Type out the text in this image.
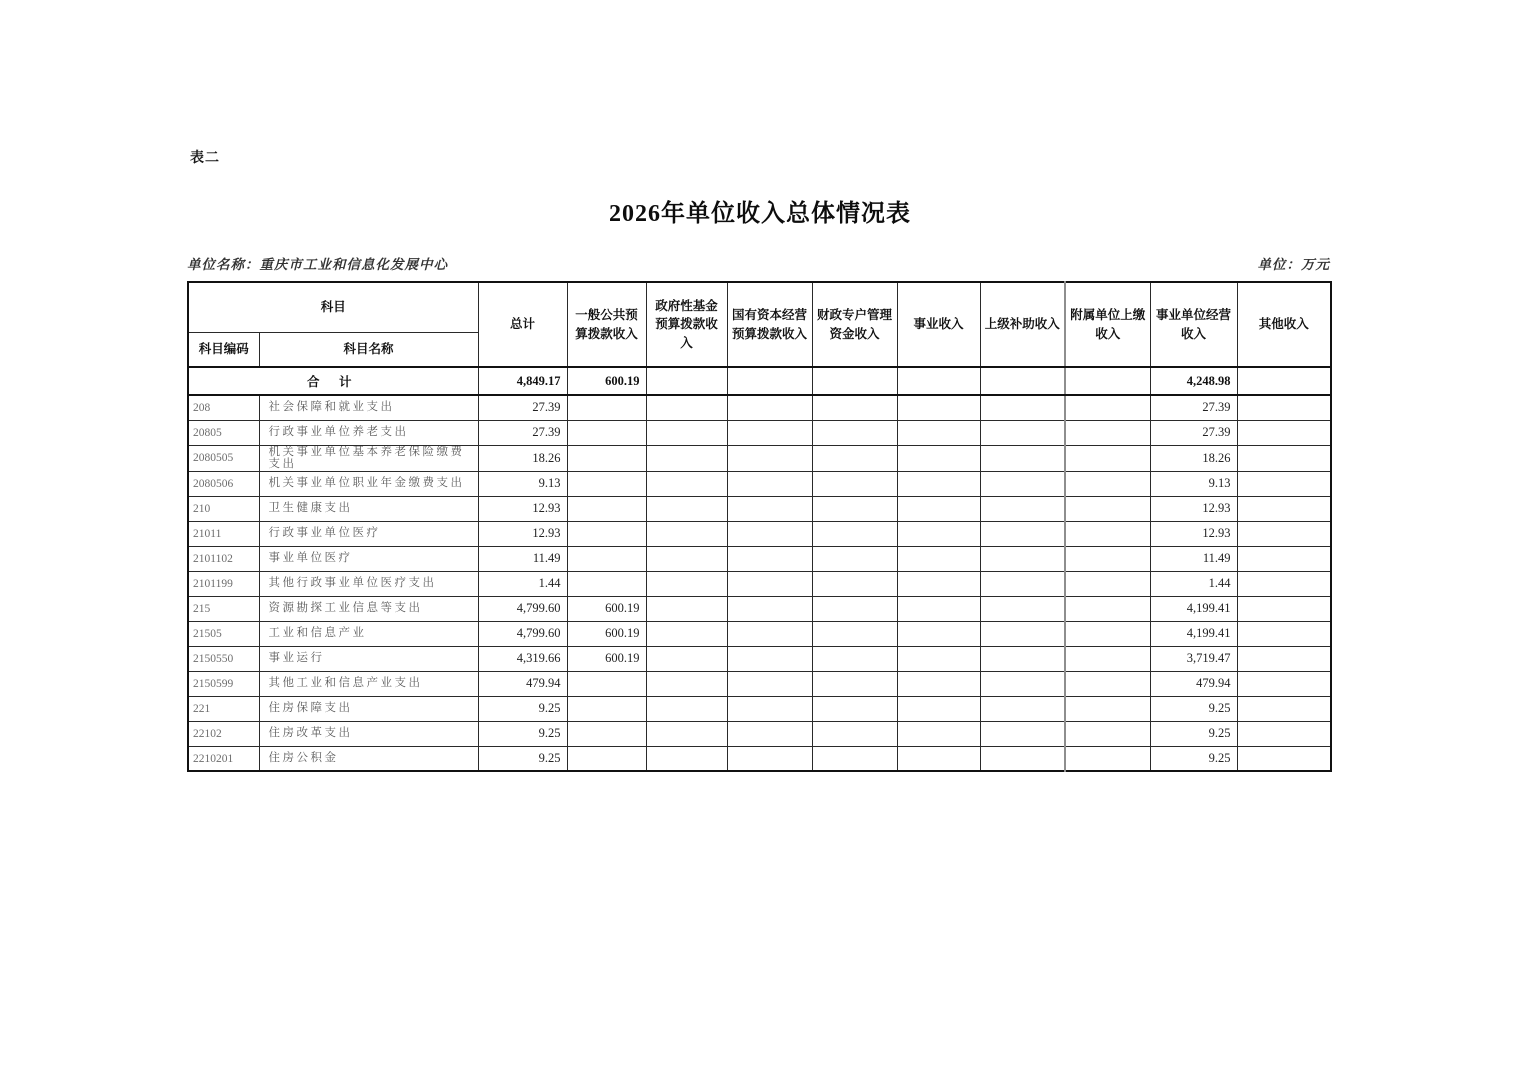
表二
2026年单位收入总体情况表
单位名称：重庆市工业和信息化发展中心	单位：万元
科目		总计	一般公共预算拨款收入	政府性基金预算拨款收入	国有资本经营预算拨款收入	财政专户管理资金收入	事业收入	上级补助收入	附属单位上缴收入	事业单位经营收入	其他收入
科目编码	科目名称										
合 计		4,849.17	600.19							4,248.98	
208	社会保障和就业支出	27.39								27.39	
20805	行政事业单位养老支出	27.39								27.39	
2080505	机关事业单位基本养老保险缴费支出	18.26								18.26	
2080506	机关事业单位职业年金缴费支出	9.13								9.13	
210	卫生健康支出	12.93								12.93	
21011	行政事业单位医疗	12.93								12.93	
2101102	事业单位医疗	11.49								11.49	
2101199	其他行政事业单位医疗支出	1.44								1.44	
215	资源勘探工业信息等支出	4,799.60	600.19							4,199.41	
21505	工业和信息产业	4,799.60	600.19							4,199.41	
2150550	事业运行	4,319.66	600.19							3,719.47	
2150599	其他工业和信息产业支出	479.94								479.94	
221	住房保障支出	9.25								9.25	
22102	住房改革支出	9.25								9.25	
2210201	住房公积金	9.25								9.25	
